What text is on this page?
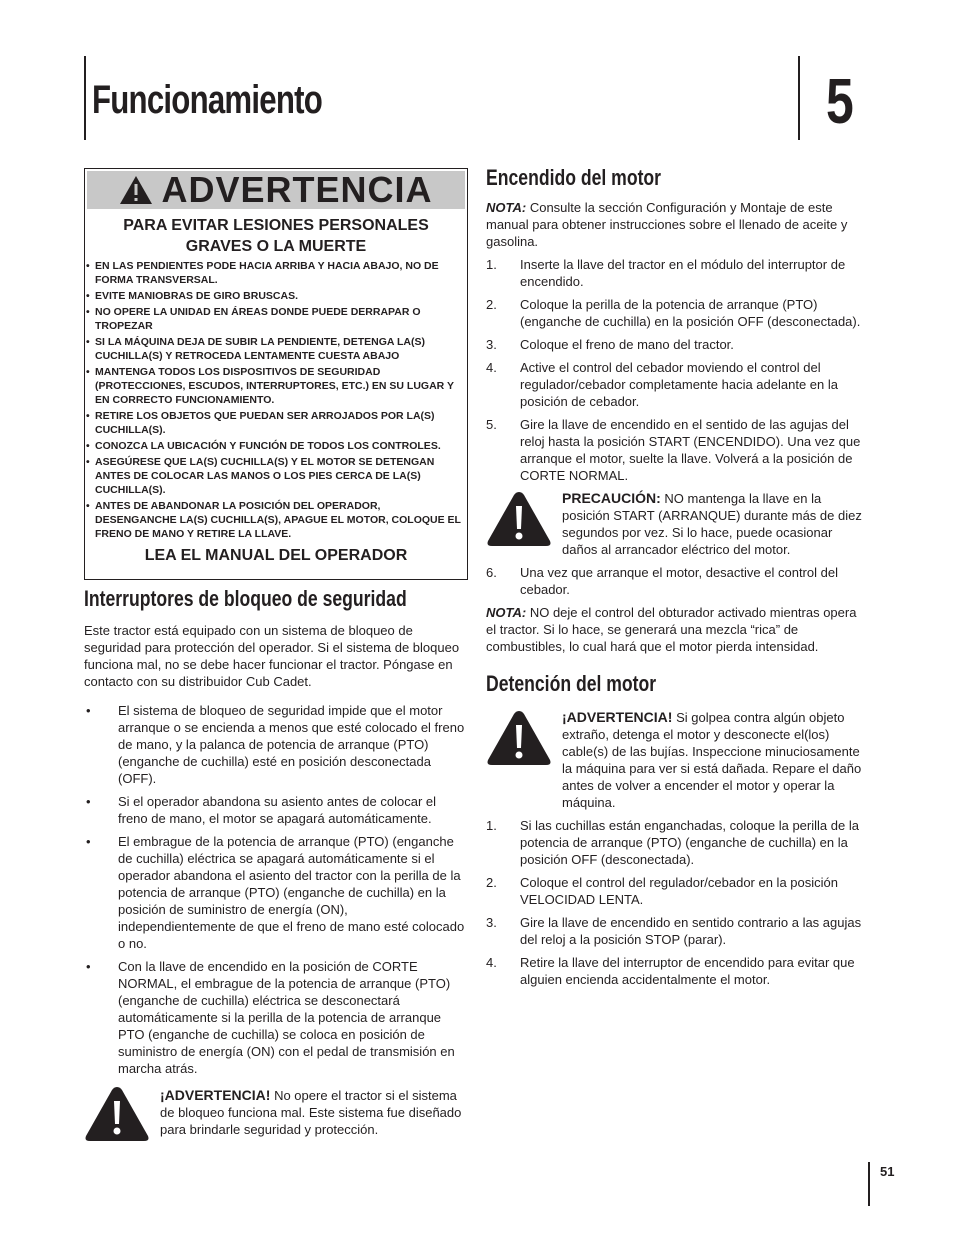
Funcionamiento	5
ADVERTENCIA
PARA EVITAR LESIONES PERSONALES GRAVES O LA MUERTE
• EN LAS PENDIENTES PODE HACIA ARRIBA Y HACIA ABAJO, NO DE FORMA TRANSVERSAL.
• EVITE MANIOBRAS DE GIRO BRUSCAS.
• NO OPERE LA UNIDAD EN ÁREAS DONDE PUEDE DERRAPAR O TROPEZAR
• SI LA MÁQUINA DEJA DE SUBIR LA PENDIENTE, DETENGA LA(S) CUCHILLA(S) Y RETROCEDA LENTAMENTE CUESTA ABAJO
• MANTENGA TODOS LOS DISPOSITIVOS DE SEGURIDAD (PROTECCIONES, ESCUDOS, INTERRUPTORES, ETC.) EN SU LUGAR Y EN CORRECTO FUNCIONAMIENTO.
• RETIRE LOS OBJETOS QUE PUEDAN SER ARROJADOS POR LA(S) CUCHILLA(S).
• CONOZCA LA UBICACIÓN Y FUNCIÓN DE TODOS LOS CONTROLES.
• ASEGÚRESE QUE LA(S) CUCHILLA(S) Y EL MOTOR SE DETENGAN ANTES DE COLOCAR LAS MANOS O LOS PIES CERCA DE LA(S) CUCHILLA(S).
• ANTES DE ABANDONAR LA POSICIÓN DEL OPERADOR, DESENGANCHE LA(S) CUCHILLA(S), APAGUE EL MOTOR, COLOQUE EL FRENO DE MANO Y RETIRE LA LLAVE.
LEA EL MANUAL DEL OPERADOR
Interruptores de bloqueo de seguridad
Este tractor está equipado con un sistema de bloqueo de seguridad para protección del operador. Si el sistema de bloqueo funciona mal, no se debe hacer funcionar el tractor. Póngase en contacto con su distribuidor Cub Cadet.
• El sistema de bloqueo de seguridad impide que el motor arranque o se encienda a menos que esté colocado el freno de mano, y la palanca de potencia de arranque (PTO) (enganche de cuchilla) esté en posición desconectada (OFF).
• Si el operador abandona su asiento antes de colocar el freno de mano, el motor se apagará automáticamente.
• El embrague de la potencia de arranque (PTO) (enganche de cuchilla) eléctrica se apagará automáticamente si el operador abandona el asiento del tractor con la perilla de la potencia de arranque (PTO) (enganche de cuchilla) en la posición de suministro de energía (ON), independientemente de que el freno de mano esté colocado o no.
• Con la llave de encendido en la posición de CORTE NORMAL, el embrague de la potencia de arranque (PTO) (enganche de cuchilla) eléctrica se desconectará automáticamente si la perilla de la potencia de arranque PTO (enganche de cuchilla) se coloca en posición de suministro de energía (ON) con el pedal de transmisión en marcha atrás.
¡ADVERTENCIA! No opere el tractor si el sistema de bloqueo funciona mal. Este sistema fue diseñado para brindarle seguridad y protección.
Encendido del motor
NOTA: Consulte la sección Configuración y Montaje de este manual para obtener instrucciones sobre el llenado de aceite y gasolina.
1. Inserte la llave del tractor en el módulo del interruptor de encendido.
2. Coloque la perilla de la potencia de arranque (PTO) (enganche de cuchilla) en la posición OFF (desconectada).
3. Coloque el freno de mano del tractor.
4. Active el control del cebador moviendo el control del regulador/cebador completamente hacia adelante en la posición de cebador.
5. Gire la llave de encendido en el sentido de las agujas del reloj hasta la posición START (ENCENDIDO). Una vez que arranque el motor, suelte la llave. Volverá a la posición de CORTE NORMAL.
PRECAUCIÓN: NO mantenga la llave en la posición START (ARRANQUE) durante más de diez segundos por vez. Si lo hace, puede ocasionar daños al arrancador eléctrico del motor.
6. Una vez que arranque el motor, desactive el control del cebador.
NOTA: NO deje el control del obturador activado mientras opera el tractor. Si lo hace, se generará una mezcla “rica” de combustibles, lo cual hará que el motor pierda intensidad.
Detención del motor
¡ADVERTENCIA! Si golpea contra algún objeto extraño, detenga el motor y desconecte el(los) cable(s) de las bujías. Inspeccione minuciosamente la máquina para ver si está dañada. Repare el daño antes de volver a encender el motor y operar la máquina.
1. Si las cuchillas están enganchadas, coloque la perilla de la potencia de arranque (PTO) (enganche de cuchilla) en la posición OFF (desconectada).
2. Coloque el control del regulador/cebador en la posición VELOCIDAD LENTA.
3. Gire la llave de encendido en sentido contrario a las agujas del reloj a la posición STOP (parar).
4. Retire la llave del interruptor de encendido para evitar que alguien encienda accidentalmente el motor.
51
